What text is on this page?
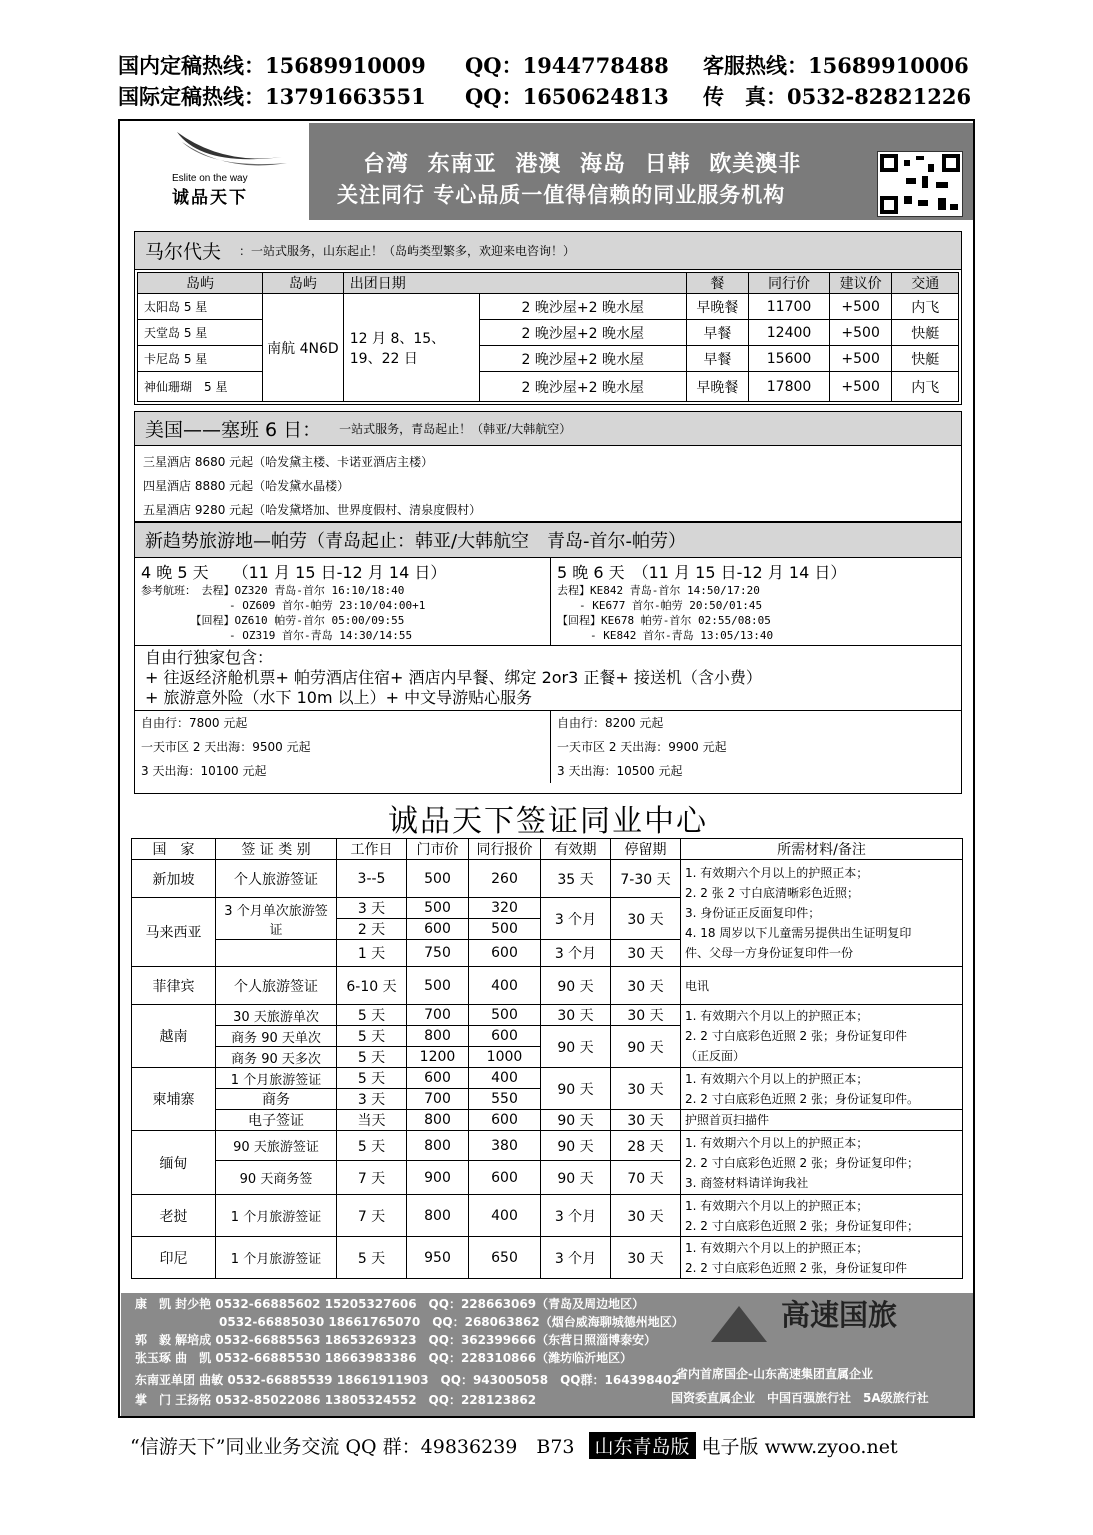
国内定稿热线：15689910009	QQ：1944778488	客服热线：15689910006
国际定稿热线：13791663551	QQ：1650624813	传　真：0532-82821226
Eslite on the way
诚品天下
台湾 东南亚 港澳 海岛 日韩 欧美澳非
关注同行 专心品质一值得信赖的同业服务机构
马尔代夫 ：一站式服务，山东起止！（岛屿类型繁多，欢迎来电咨询！）
岛屿	岛屿	出团日期		餐	同行价	建议价	交通
太阳岛 5 星	南航 4N6D	12 月 8、15、19、22 日	2 晚沙屋+2 晚水屋	早晚餐	11700	+500	内飞
天堂岛 5 星			2 晚沙屋+2 晚水屋	早餐	12400	+500	快艇
卡尼岛 5 星			2 晚沙屋+2 晚水屋	早餐	15600	+500	快艇
神仙珊瑚　5 星			2 晚沙屋+2 晚水屋	早晚餐	17800	+500	内飞
美国——塞班 6 日： 一站式服务，青岛起止！（韩亚/大韩航空）
三星酒店 8680 元起（哈发黛主楼、卡诺亚酒店主楼）
四星酒店 8880 元起（哈发黛水晶楼）
五星酒店 9280 元起（哈发黛塔加、世界度假村、清泉度假村）
新趋势旅游地—帕劳（青岛起止：韩亚/大韩航空　青岛-首尔-帕劳）
4 晚 5 天　　（11 月 15 日-12 月 14 日）
参考航班：　去程】OZ320 青岛-首尔 16:10/18:40
　　　　　　　　- OZ609 首尔-帕劳 23:10/04:00+1
　　　　　【回程】OZ610 帕劳-首尔 05:00/09:55
　　　　　　　　- OZ319 首尔-青岛 14:30/14:55
5 晚 6 天　（11 月 15 日-12 月 14 日）
去程】KE842 青岛-首尔 14:50/17:20
　　- KE677 首尔-帕劳 20:50/01:45
【回程】KE678 帕劳-首尔 02:55/08:05
　　　- KE842 首尔-青岛 13:05/13:40
自由行独家包含：
+ 往返经济舱机票+ 帕劳酒店住宿+ 酒店内早餐、绑定 2or3 正餐+ 接送机（含小费）
+ 旅游意外险（水下 10m 以上）+ 中文导游贴心服务
自由行：7800 元起
一天市区 2 天出海：9500 元起
3 天出海：10100 元起
自由行：8200 元起
一天市区 2 天出海：9900 元起
3 天出海：10500 元起
诚品天下签证同业中心
国　家	签 证 类 别	工作日	门市价	同行报价	有效期	停留期	所需材料/备注
新加坡	个人旅游签证	3--5	500	260	35 天	7-30 天	1. 有效期六个月以上的护照正本；
2. 2 张 2 寸白底清晰彩色近照；
3. 身份证正反面复印件；
4. 18 周岁以下儿童需另提供出生证明复印
件、父母一方身份证复印件一份

马来西亚	3 个月单次旅游签证	3 天	500	320	3 个月	30 天	
		2 天	600	500			
		1 天	750	600	3 个月	30 天	
菲律宾	个人旅游签证	6-10 天	500	400	90 天	30 天	电讯
越南	30 天旅游单次	5 天	700	500	30 天	30 天	1. 有效期六个月以上的护照正本；
2. 2 寸白底彩色近照 2 张；身份证复印件
（正反面）

	商务 90 天单次	5 天	800	600	90 天	90 天	
	商务 90 天多次	5 天	1200	1000			
柬埔寨	1 个月旅游签证	5 天	600	400	90 天	30 天	1. 有效期六个月以上的护照正本；
2. 2 寸白底彩色近照 2 张；身份证复印件。

	商务	3 天	700	550			
	电子签证	当天	800	600	90 天	30 天	护照首页扫描件
缅甸	90 天旅游签证	5 天	800	380	90 天	28 天	1. 有效期六个月以上的护照正本；
2. 2 寸白底彩色近照 2 张；身份证复印件；
3. 商签材料请详询我社

	90 天商务签	7 天	900	600	90 天	70 天	
老挝	1 个月旅游签证	7 天	800	400	3 个月	30 天	1. 有效期六个月以上的护照正本；
2. 2 寸白底彩色近照 2 张；身份证复印件；

印尼	1 个月旅游签证	5 天	950	650	3 个月	30 天	1. 有效期六个月以上的护照正本；
2. 2 寸白底彩色近照 2 张，身份证复印件
康　凯 封少艳 0532-66885602 15205327606　QQ：228663069（青岛及周边地区）
　　　　　　　0532-66885030 18661765070　QQ：268063862（烟台威海聊城德州地区）
郭　毅 解培成 0532-66885563 18653269323　QQ：362399666（东营日照淄博泰安）
张玉琢 曲　凯 0532-66885530 18663983386　QQ：228310866（潍坊临沂地区）
东南亚单团 曲敏 0532-66885539 18661911903　QQ：943005058　QQ群：164398402
掌　门 王扬铭 0532-85022086 13805324552　QQ：228123862
高速国旅
省内首席国企-山东高速集团直属企业
国资委直属企业　中国百强旅行社　5A级旅行社
“信游天下”同业业务交流 QQ 群：49836239　B73	山东青岛版 电子版 www.zyoo.net
